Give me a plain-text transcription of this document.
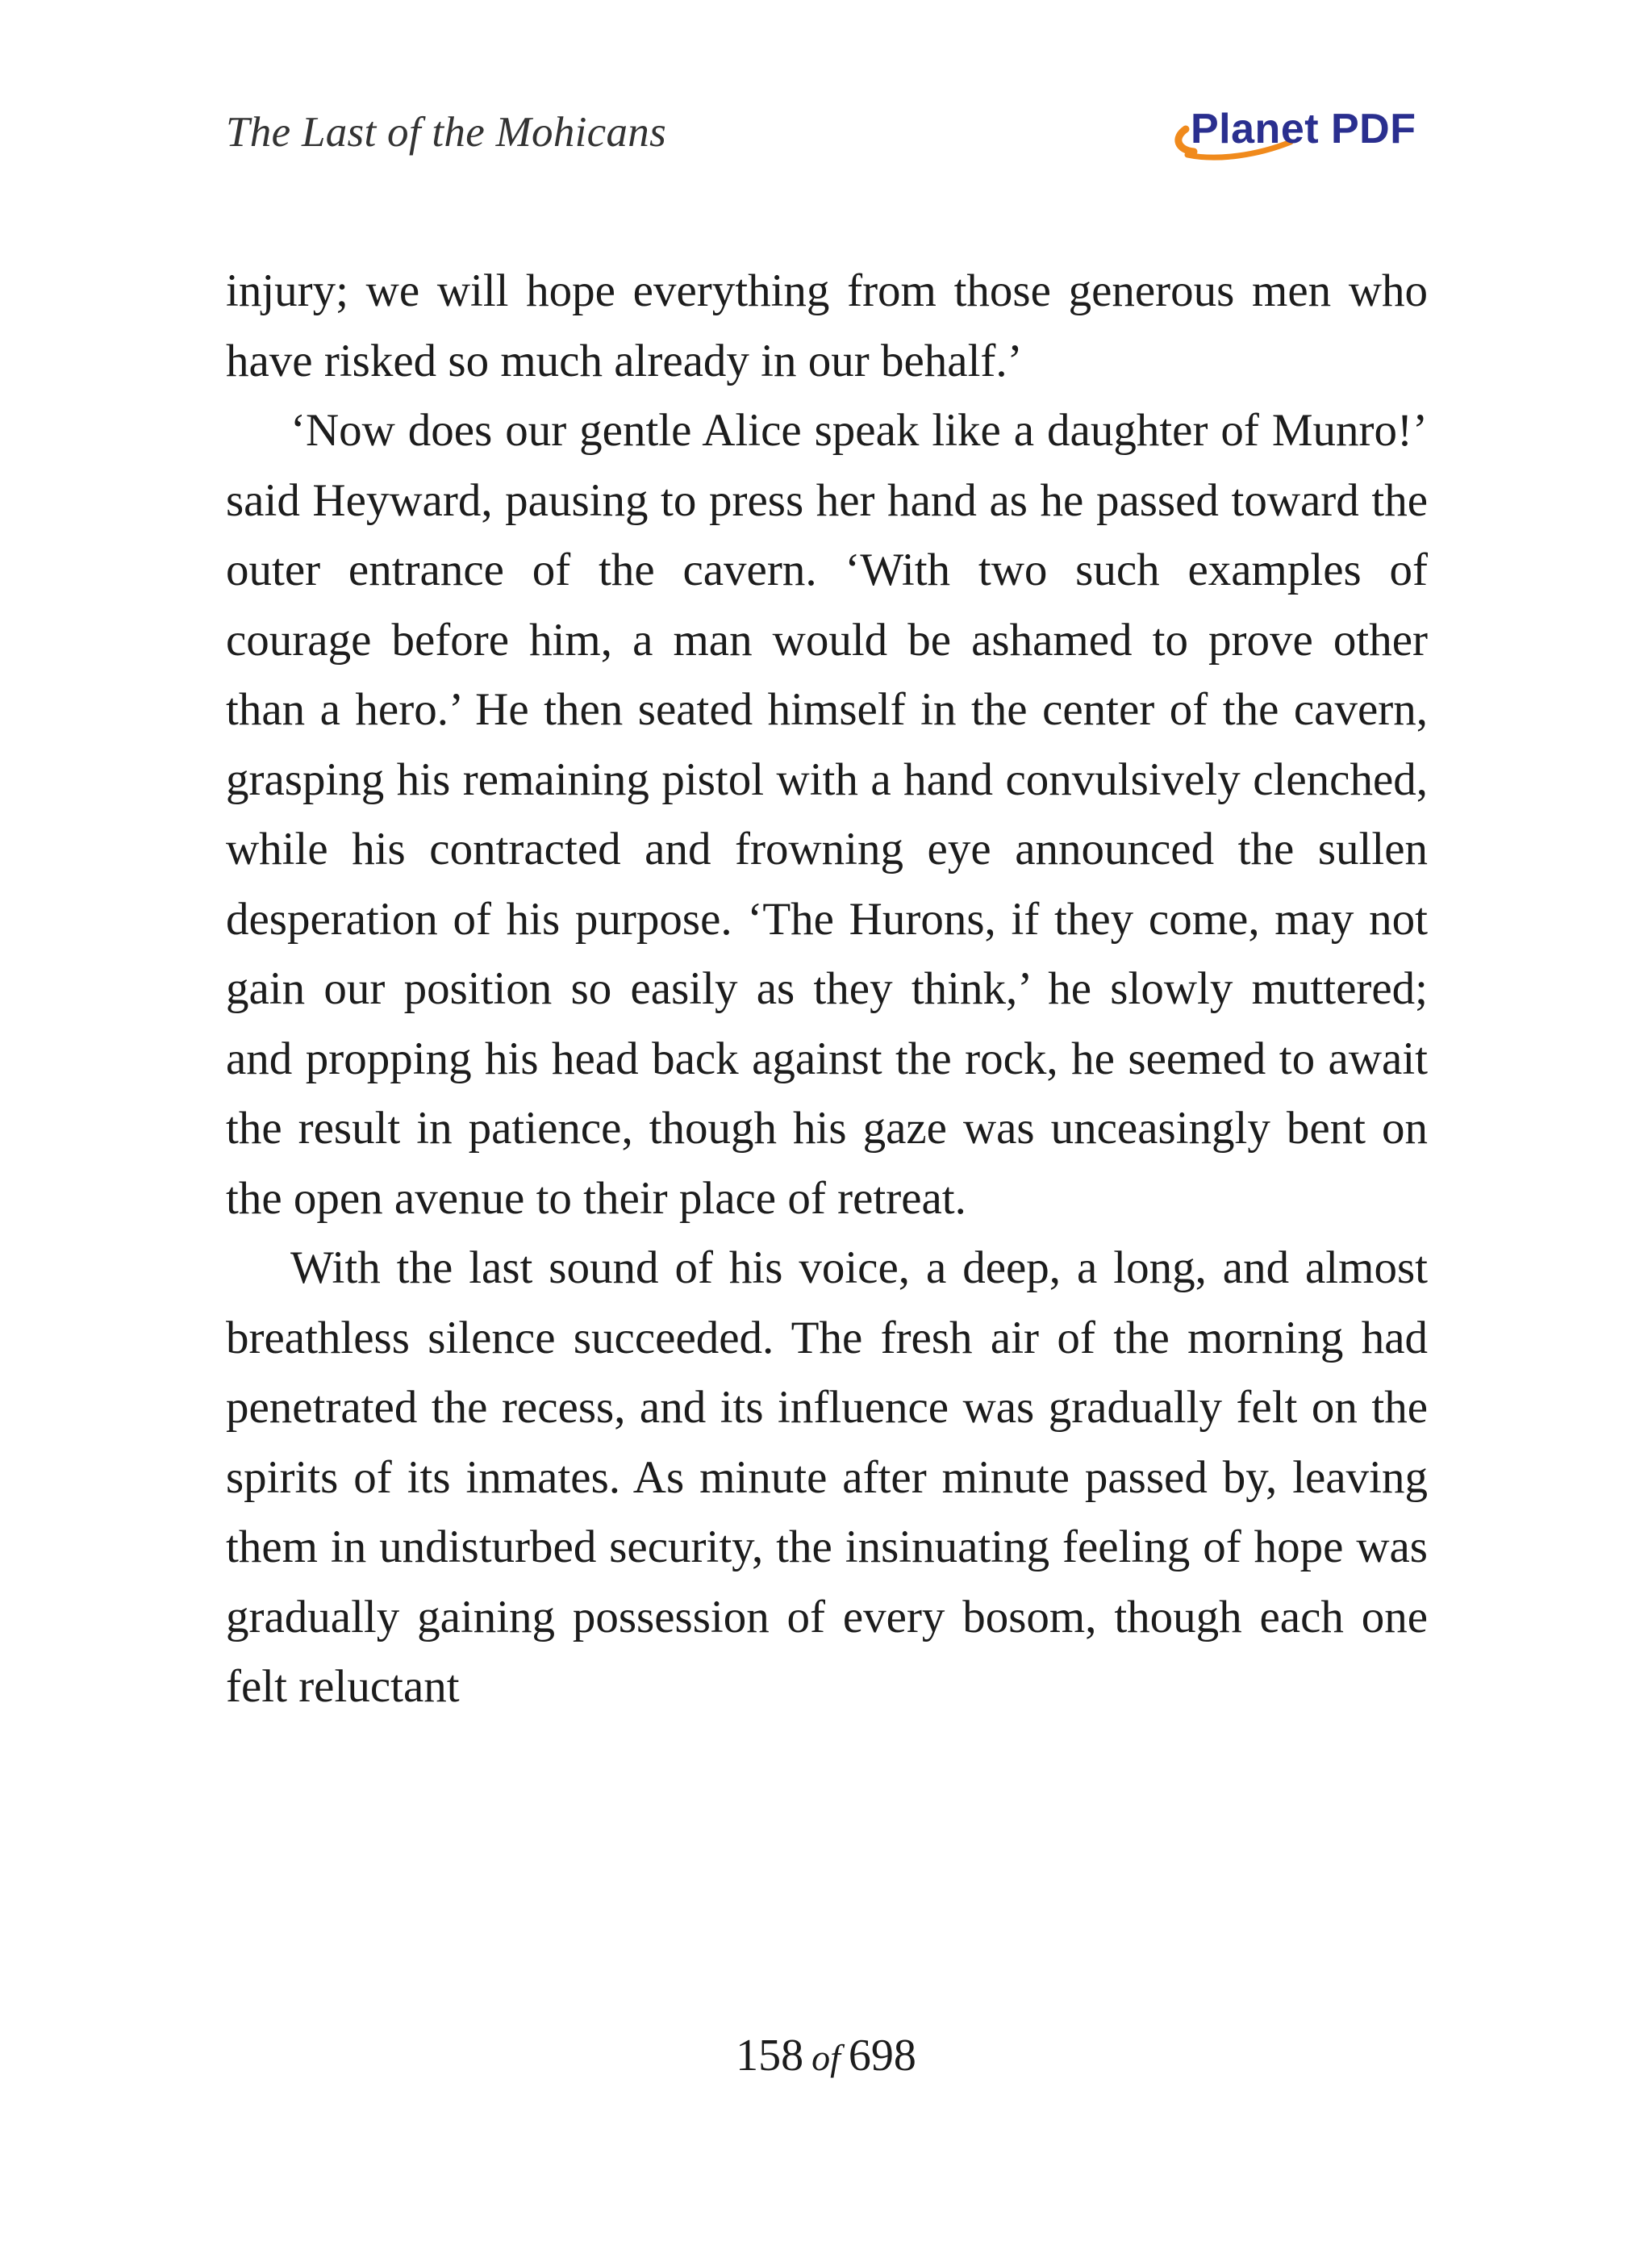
The Last of the Mohicans	Planet PDF

injury; we will hope everything from those generous men who have risked so much already in our behalf.’

‘Now does our gentle Alice speak like a daughter of Munro!’ said Heyward, pausing to press her hand as he passed toward the outer entrance of the cavern. ‘With two such examples of courage before him, a man would be ashamed to prove other than a hero.’ He then seated himself in the center of the cavern, grasping his remaining pistol with a hand convulsively clenched, while his contracted and frowning eye announced the sullen desperation of his purpose. ‘The Hurons, if they come, may not gain our position so easily as they think,’ he slowly muttered; and propping his head back against the rock, he seemed to await the result in patience, though his gaze was unceasingly bent on the open avenue to their place of retreat.

With the last sound of his voice, a deep, a long, and almost breathless silence succeeded. The fresh air of the morning had penetrated the recess, and its influence was gradually felt on the spirits of its inmates. As minute after minute passed by, leaving them in undisturbed security, the insinuating feeling of hope was gradually gaining possession of every bosom, though each one felt reluctant

158 of 698
